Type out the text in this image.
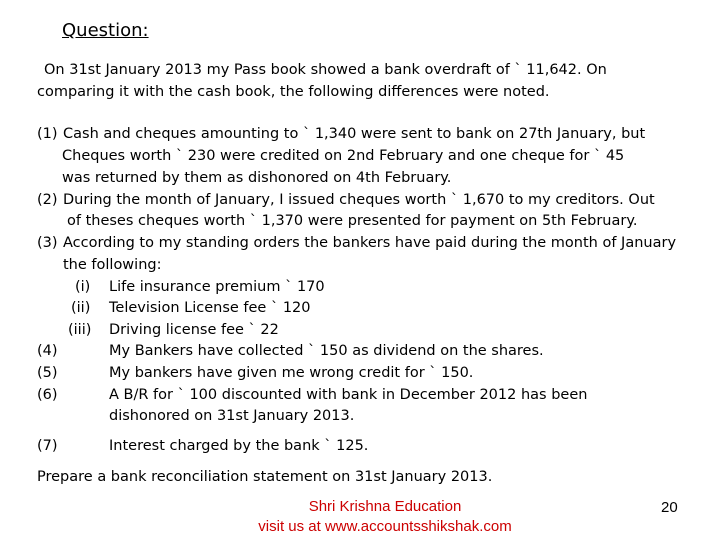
Question:
On 31st January 2013 my Pass book showed a bank overdraft of ` 11,642. On
comparing it with the cash book, the following differences were noted.
(1) Cash and cheques amounting to ` 1,340 were sent to bank on 27th January, but
Cheques worth ` 230 were credited on 2nd February and one cheque for ` 45
was returned by them as dishonored on 4th February.
(2) During the month of January, I issued cheques worth ` 1,670 to my creditors. Out
of theses cheques worth ` 1,370 were presented for payment on 5th February.
(3) According to my standing orders the bankers have paid during the month of January
the following:
(i) Life insurance premium ` 170
(ii) Television License fee ` 120
(iii) Driving license fee ` 22
(4)	My Bankers have collected ` 150 as dividend on the shares.
(5)	My bankers have given me wrong credit for ` 150.
(6)	A B/R for ` 100 discounted with bank in December 2012 has been
dishonored on 31st January 2013.
(7)	Interest charged by the bank ` 125.
Prepare a bank reconciliation statement on 31st January 2013.
Shri Krishna Education
visit us at www.accountsshikshak.com
20
